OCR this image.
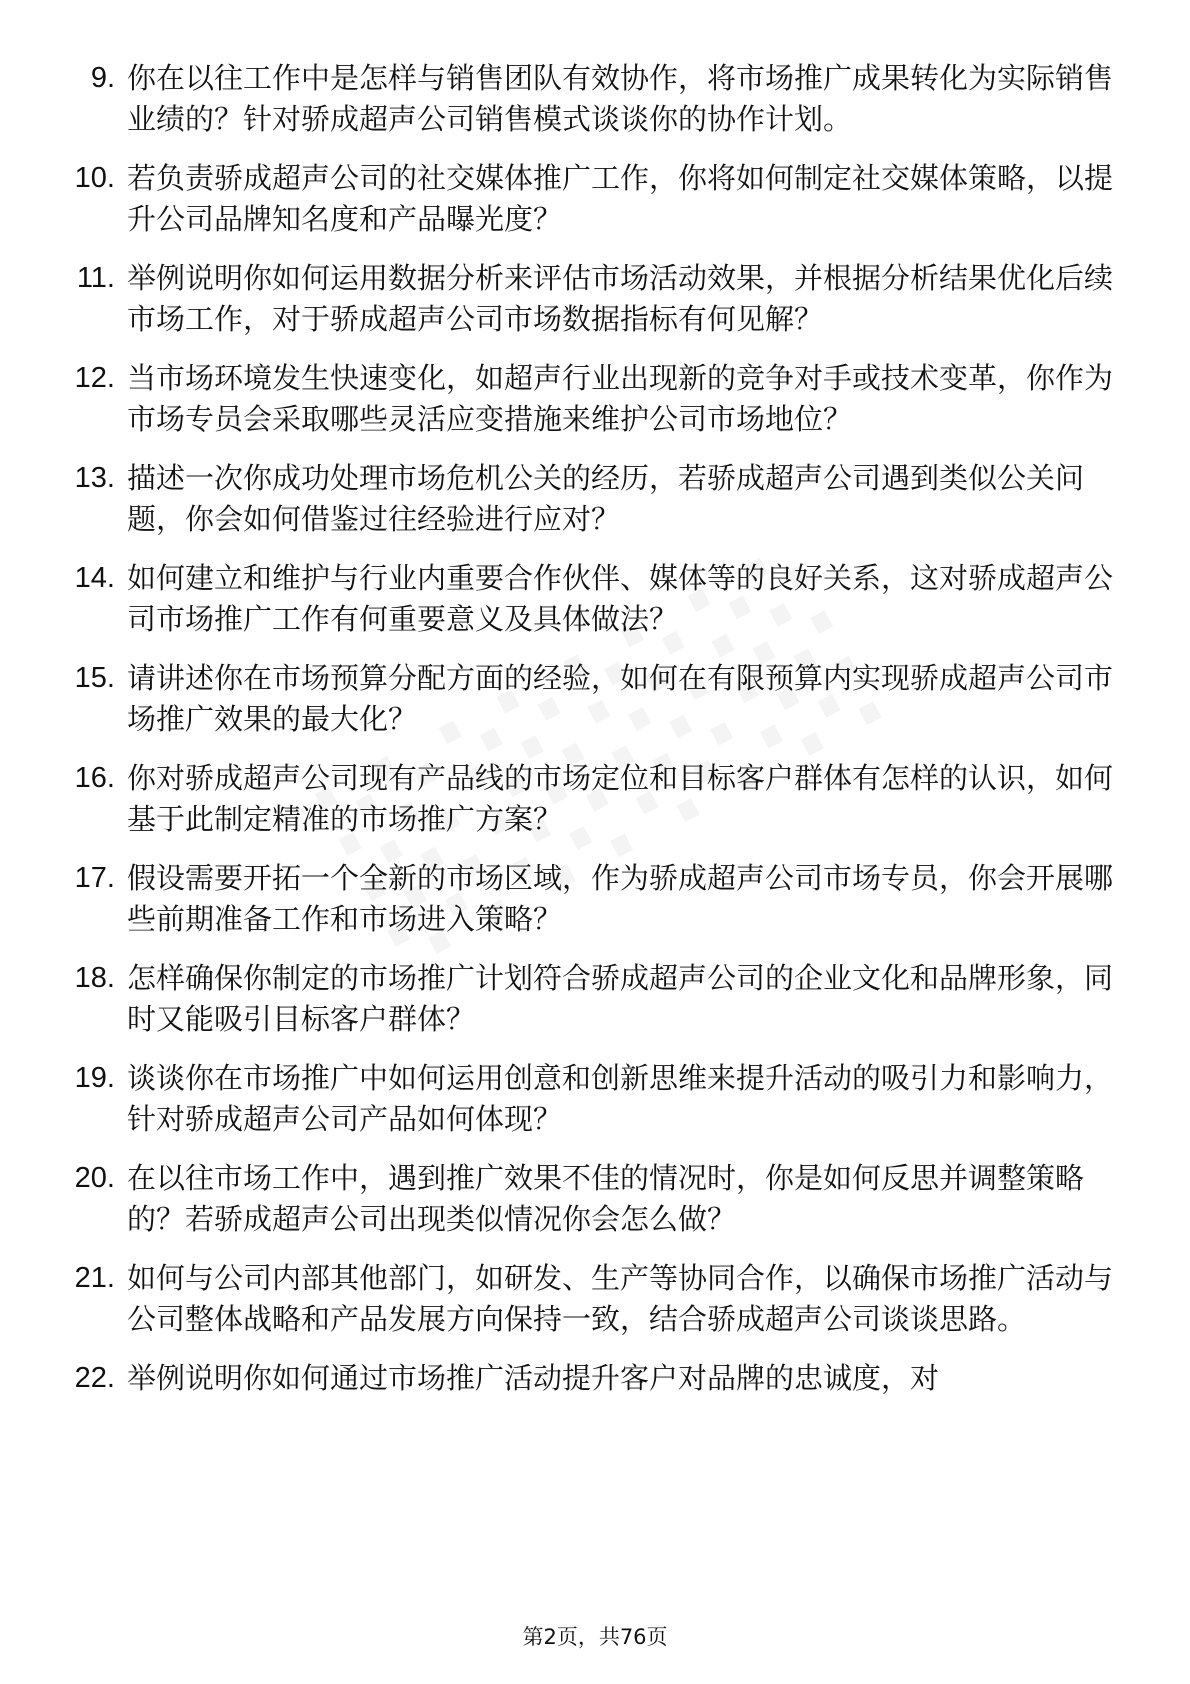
9. 你在以往工作中是怎样与销售团队有效协作，将市场推广成果转化为实际销售业绩的？针对骄成超声公司销售模式谈谈你的协作计划。
10. 若负责骄成超声公司的社交媒体推广工作，你将如何制定社交媒体策略，以提升公司品牌知名度和产品曝光度？
11. 举例说明你如何运用数据分析来评估市场活动效果，并根据分析结果优化后续市场工作，对于骄成超声公司市场数据指标有何见解？
12. 当市场环境发生快速变化，如超声行业出现新的竞争对手或技术变革，你作为市场专员会采取哪些灵活应变措施来维护公司市场地位？
13. 描述一次你成功处理市场危机公关的经历，若骄成超声公司遇到类似公关问题，你会如何借鉴过往经验进行应对？
14. 如何建立和维护与行业内重要合作伙伴、媒体等的良好关系，这对骄成超声公司市场推广工作有何重要意义及具体做法？
15. 请讲述你在市场预算分配方面的经验，如何在有限预算内实现骄成超声公司市场推广效果的最大化？
16. 你对骄成超声公司现有产品线的市场定位和目标客户群体有怎样的认识，如何基于此制定精准的市场推广方案？
17. 假设需要开拓一个全新的市场区域，作为骄成超声公司市场专员，你会开展哪些前期准备工作和市场进入策略？
18. 怎样确保你制定的市场推广计划符合骄成超声公司的企业文化和品牌形象，同时又能吸引目标客户群体？
19. 谈谈你在市场推广中如何运用创意和创新思维来提升活动的吸引力和影响力，针对骄成超声公司产品如何体现？
20. 在以往市场工作中，遇到推广效果不佳的情况时，你是如何反思并调整策略的？若骄成超声公司出现类似情况你会怎么做？
21. 如何与公司内部其他部门，如研发、生产等协同合作，以确保市场推广活动与公司整体战略和产品发展方向保持一致，结合骄成超声公司谈谈思路。
22. 举例说明你如何通过市场推广活动提升客户对品牌的忠诚度，对
第2页，共76页
